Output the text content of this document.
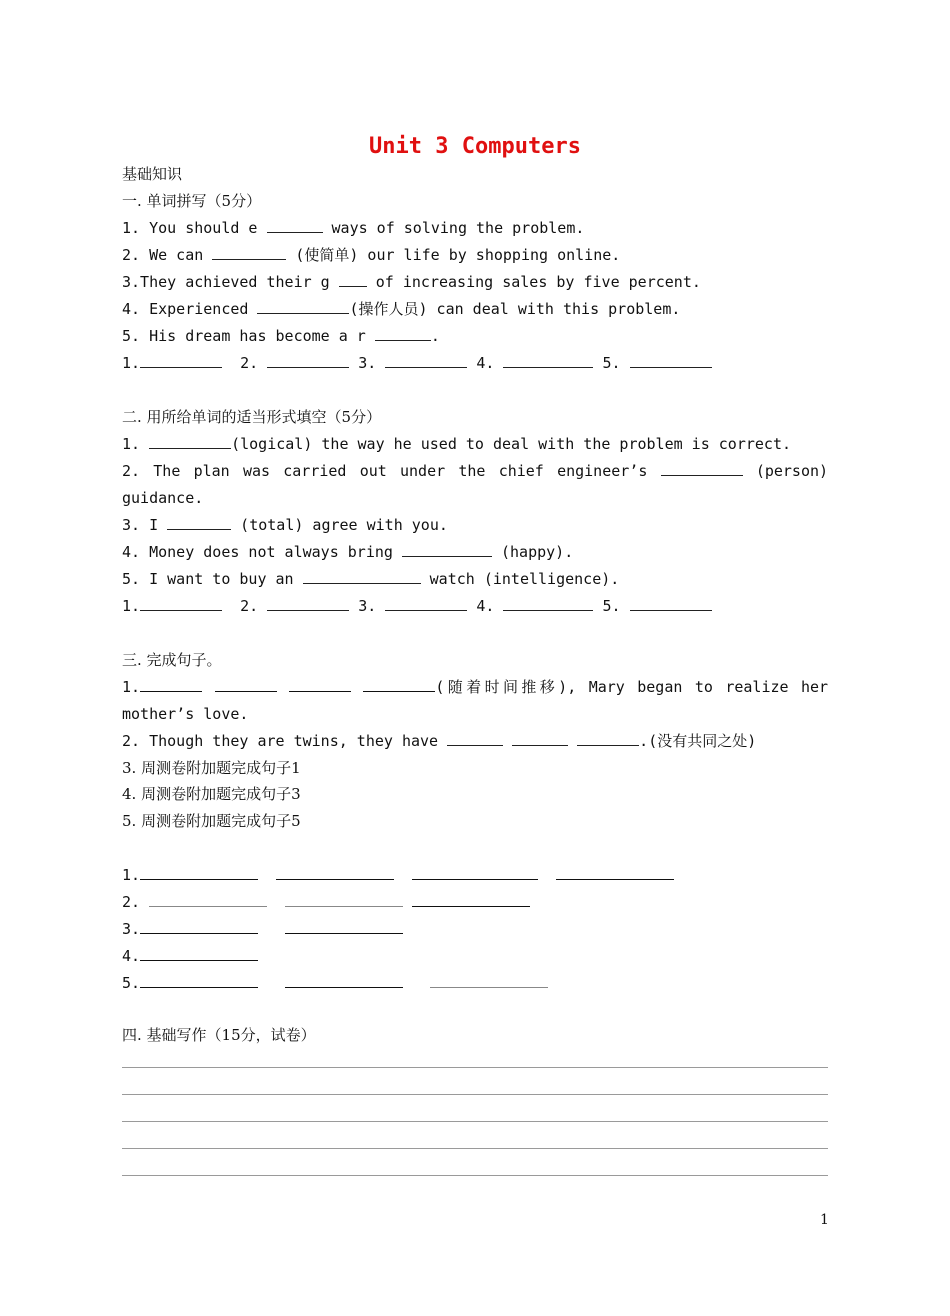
Unit 3 Computers
基础知识
一. 单词拼写（5分）
1. You should e	ways of solving the problem.
2. We can	(使简单) our life by shopping online.
3.They achieved their g  of increasing sales by five percent.
4. Experienced	(操作人员) can deal with this problem.
5. His dream has become a r	.
1.	2.	3.	4.	5.
二. 用所给单词的适当形式填空（5分）
1.	(logical) the way he used to deal with the problem is correct.
2. The plan was carried out under the chief engineer’s	(person)
guidance.
3. I	(total) agree with you.
4. Money does not always bring	(happy).
5. I want to buy an	watch (intelligence).
1.	2.	3.	4.	5.
三. 完成句子。
1.	(随着时间推移), Mary began to realize her
mother’s love.
2. Though they are twins, they have	.(没有共同之处)
3. 周测卷附加题完成句子1
4. 周测卷附加题完成句子3
5. 周测卷附加题完成句子5
1.
2.
3.
4.
5.
四. 基础写作（15分，试卷）
1
